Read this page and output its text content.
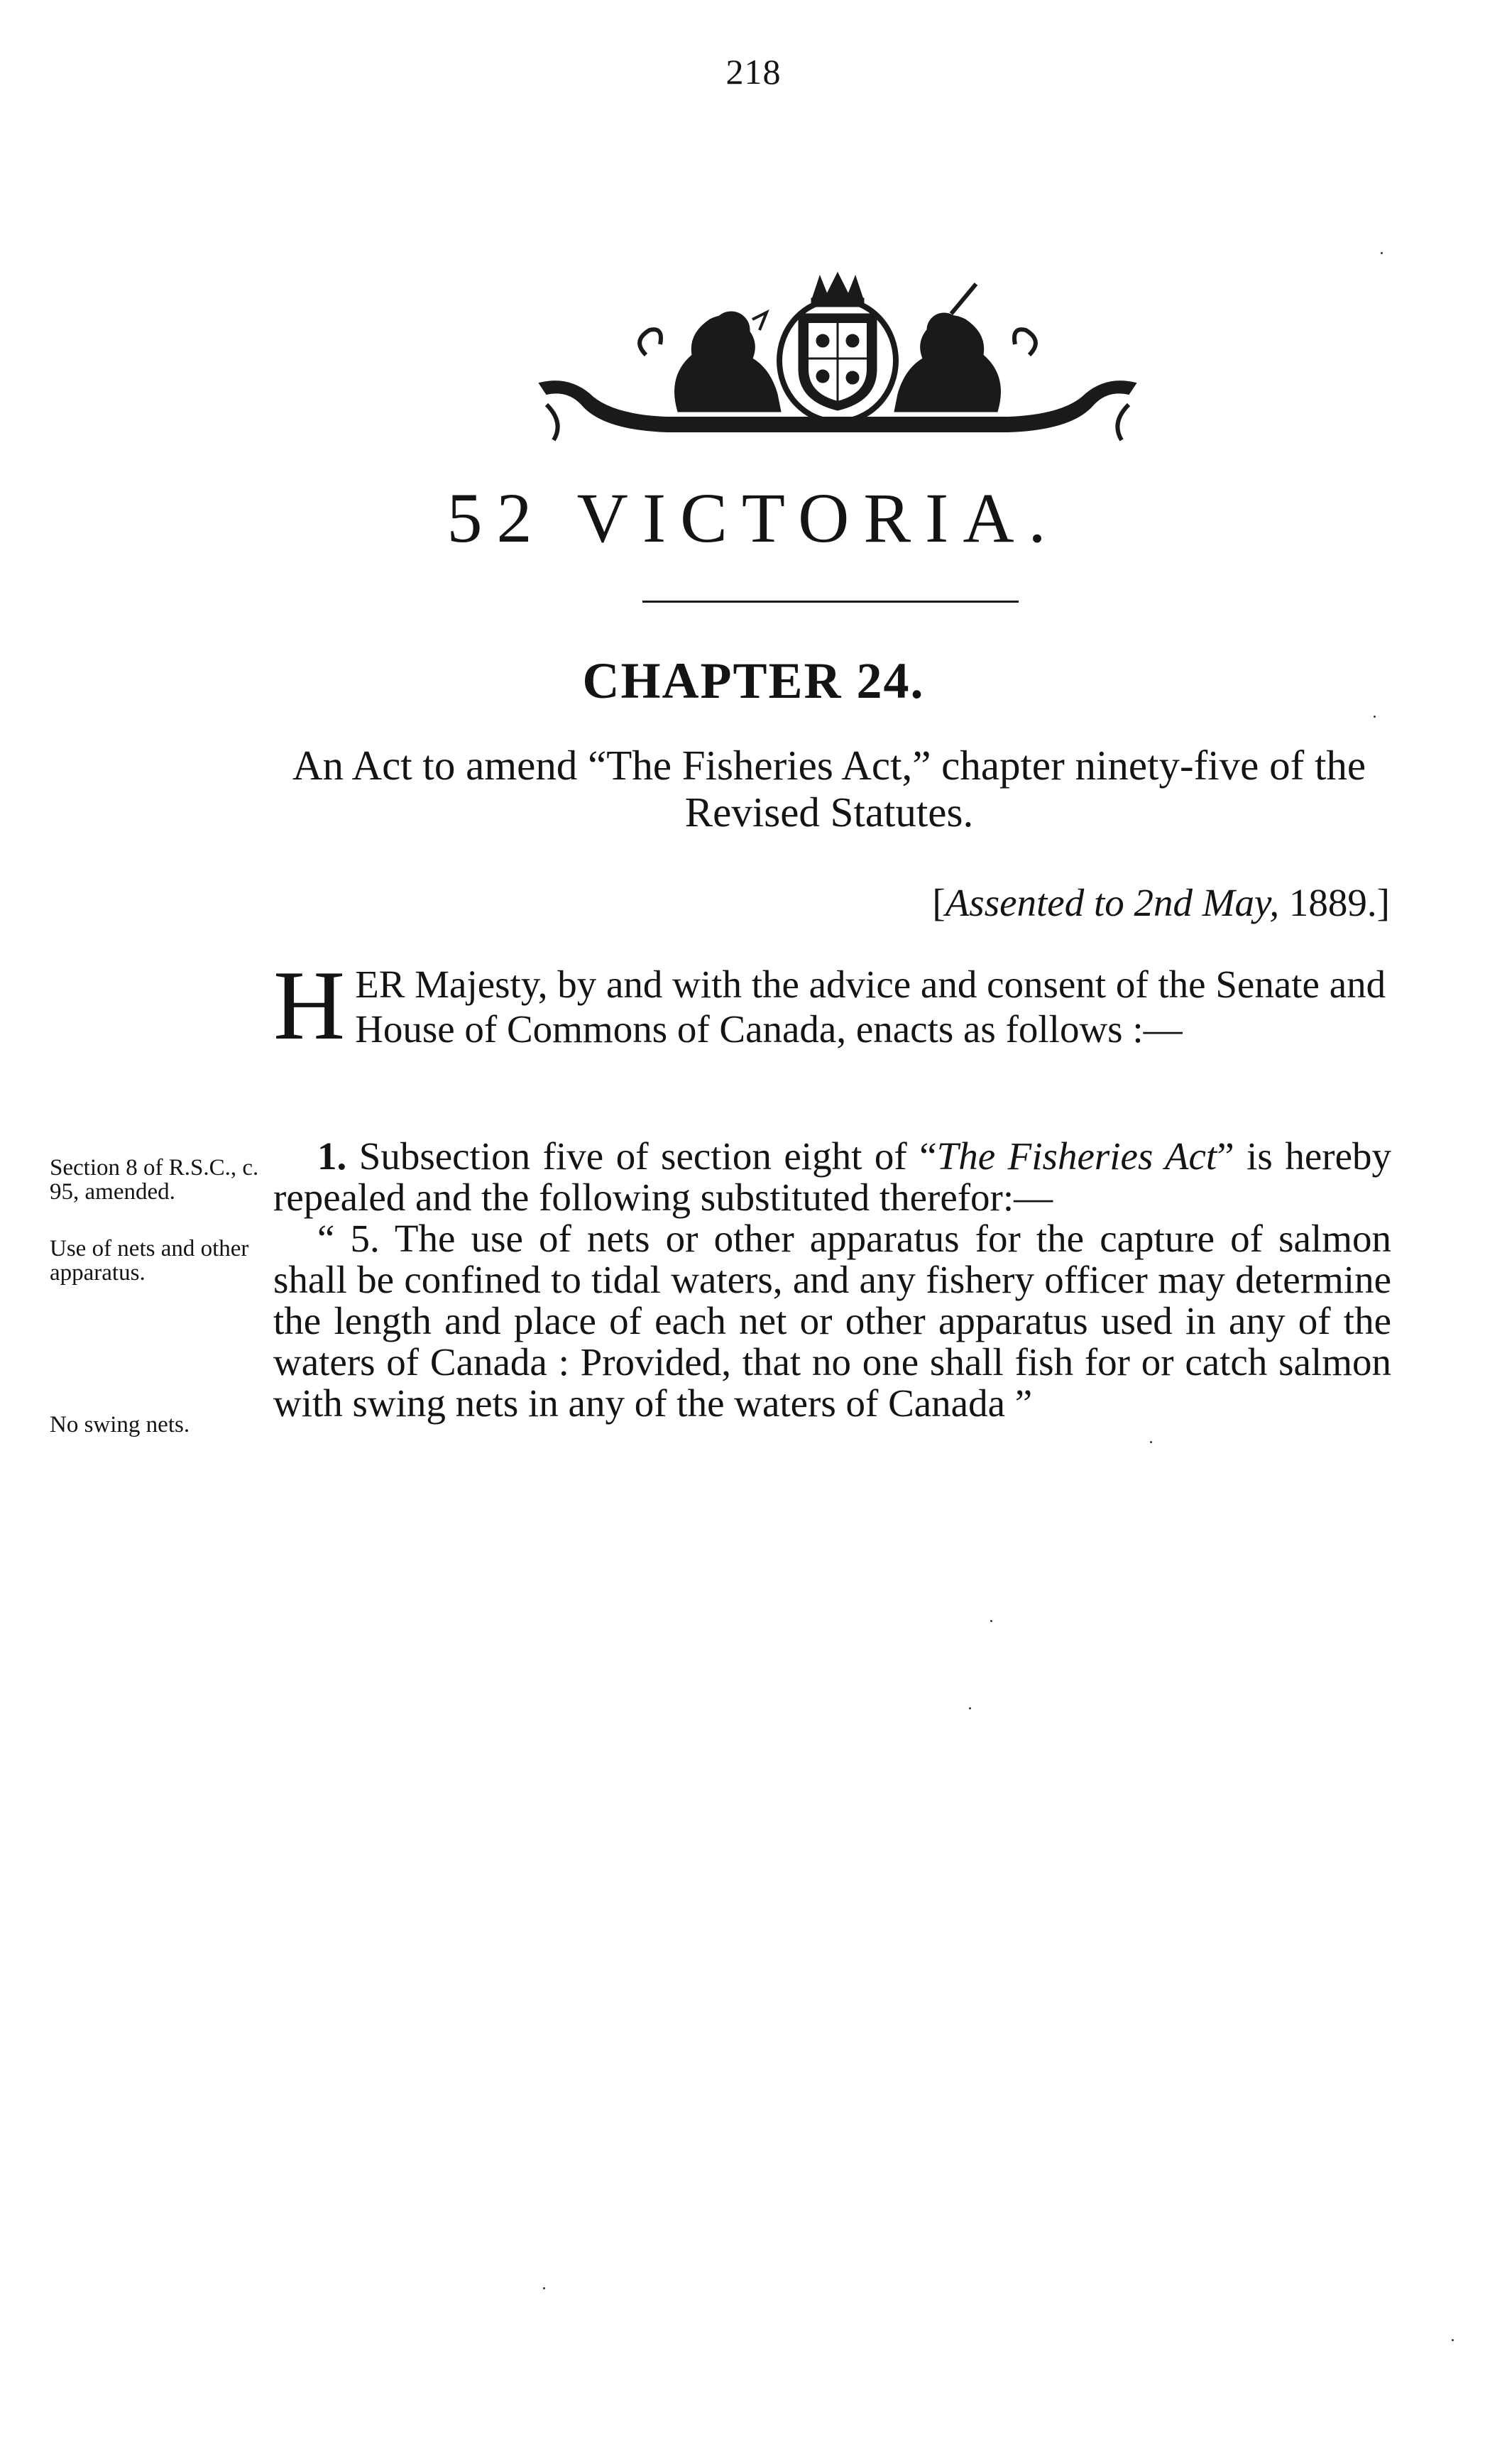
218
52 VICTORIA.
CHAPTER 24.
An Act to amend “The Fisheries Act,” chapter ninety-five of the Revised Statutes.
[Assented to 2nd May, 1889.]
H ER Majesty, by and with the advice and consent of the Senate and House of Commons of Canada, enacts as follows :—
Section 8 of R.S.C., c. 95, amended.
Use of nets and other apparatus.
No swing nets.

1. Subsection five of section eight of “The Fisheries Act” is hereby repealed and the following substituted therefor:—

“ 5. The use of nets or other apparatus for the capture of salmon shall be confined to tidal waters, and any fishery officer may determine the length and place of each net or other apparatus used in any of the waters of Canada : Provided, that no one shall fish for or catch salmon with swing nets in any of the waters of Canada ”
